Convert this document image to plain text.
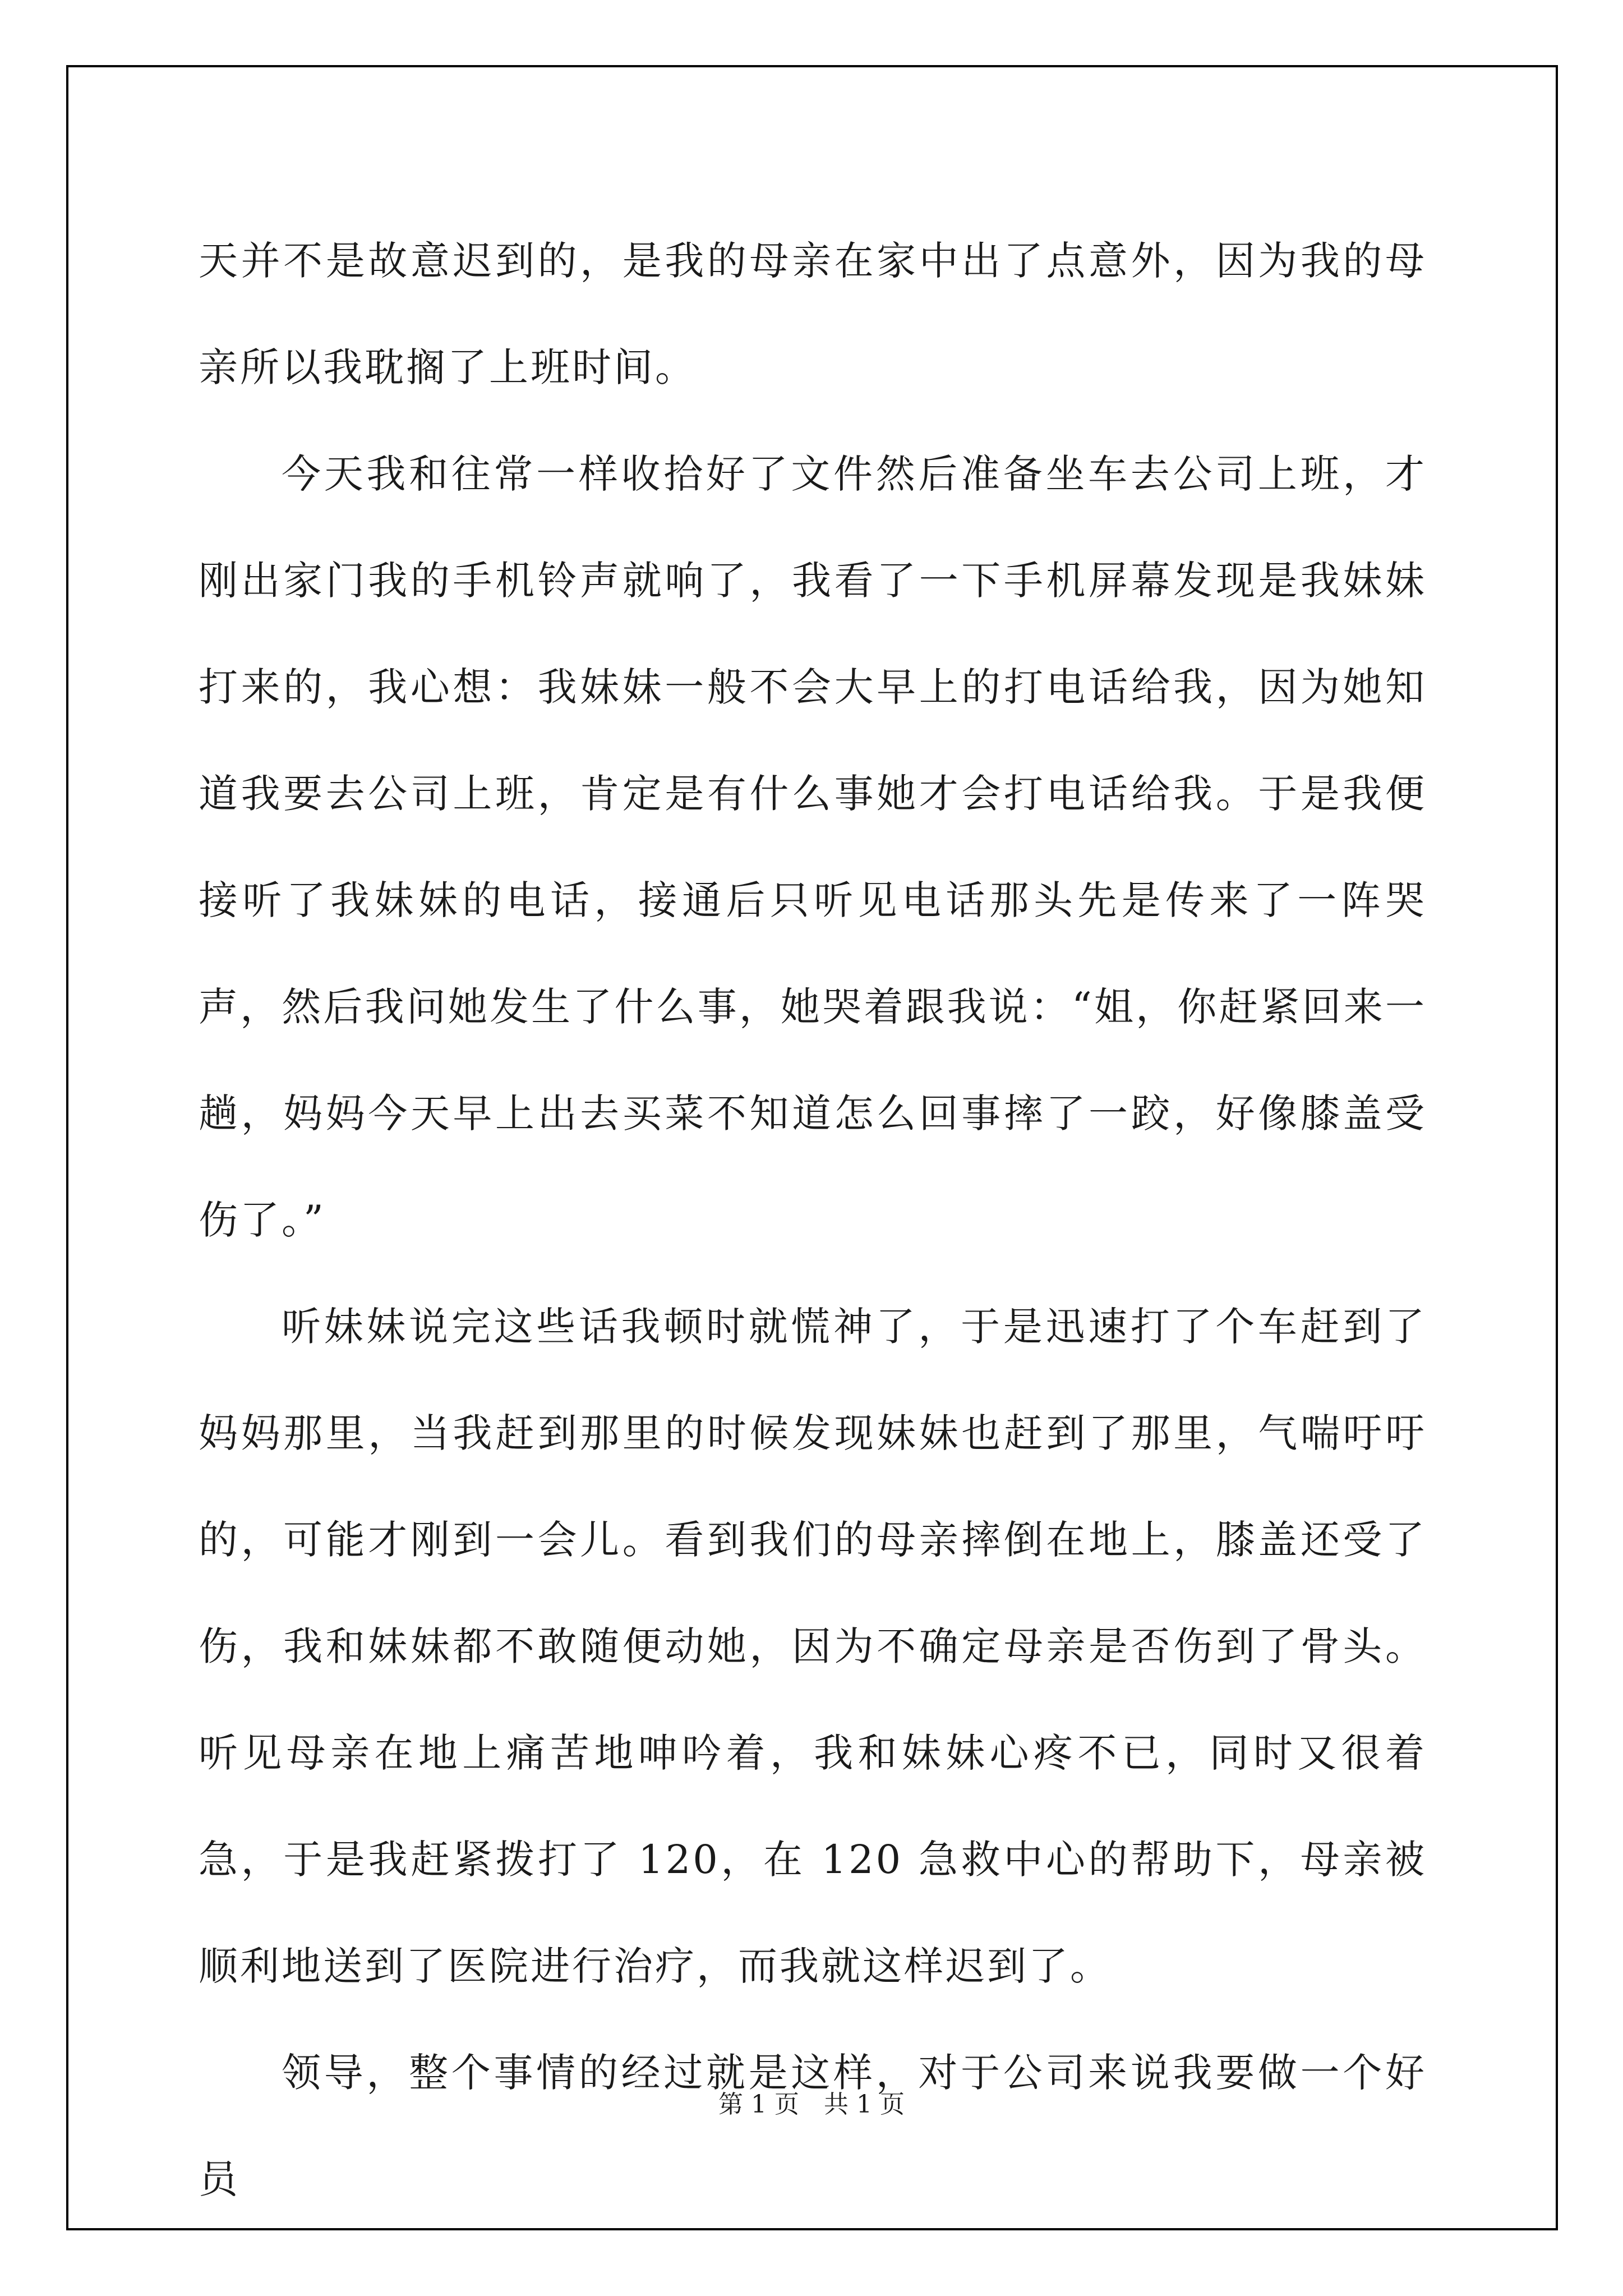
天并不是故意迟到的，是我的母亲在家中出了点意外，因为我的母亲所以我耽搁了上班时间。

今天我和往常一样收拾好了文件然后准备坐车去公司上班，才刚出家门我的手机铃声就响了，我看了一下手机屏幕发现是我妹妹打来的，我心想：我妹妹一般不会大早上的打电话给我，因为她知道我要去公司上班，肯定是有什么事她才会打电话给我。于是我便接听了我妹妹的电话，接通后只听见电话那头先是传来了一阵哭声，然后我问她发生了什么事，她哭着跟我说：“姐，你赶紧回来一趟，妈妈今天早上出去买菜不知道怎么回事摔了一跤，好像膝盖受伤了。”

听妹妹说完这些话我顿时就慌神了，于是迅速打了个车赶到了妈妈那里，当我赶到那里的时候发现妹妹也赶到了那里，气喘吁吁的，可能才刚到一会儿。看到我们的母亲摔倒在地上，膝盖还受了伤，我和妹妹都不敢随便动她，因为不确定母亲是否伤到了骨头。听见母亲在地上痛苦地呻吟着，我和妹妹心疼不已，同时又很着急，于是我赶紧拨打了 120，在 120 急救中心的帮助下，母亲被顺利地送到了医院进行治疗，而我就这样迟到了。

领导，整个事情的经过就是这样，对于公司来说我要做一个好员

第 1 页　共 1 页
